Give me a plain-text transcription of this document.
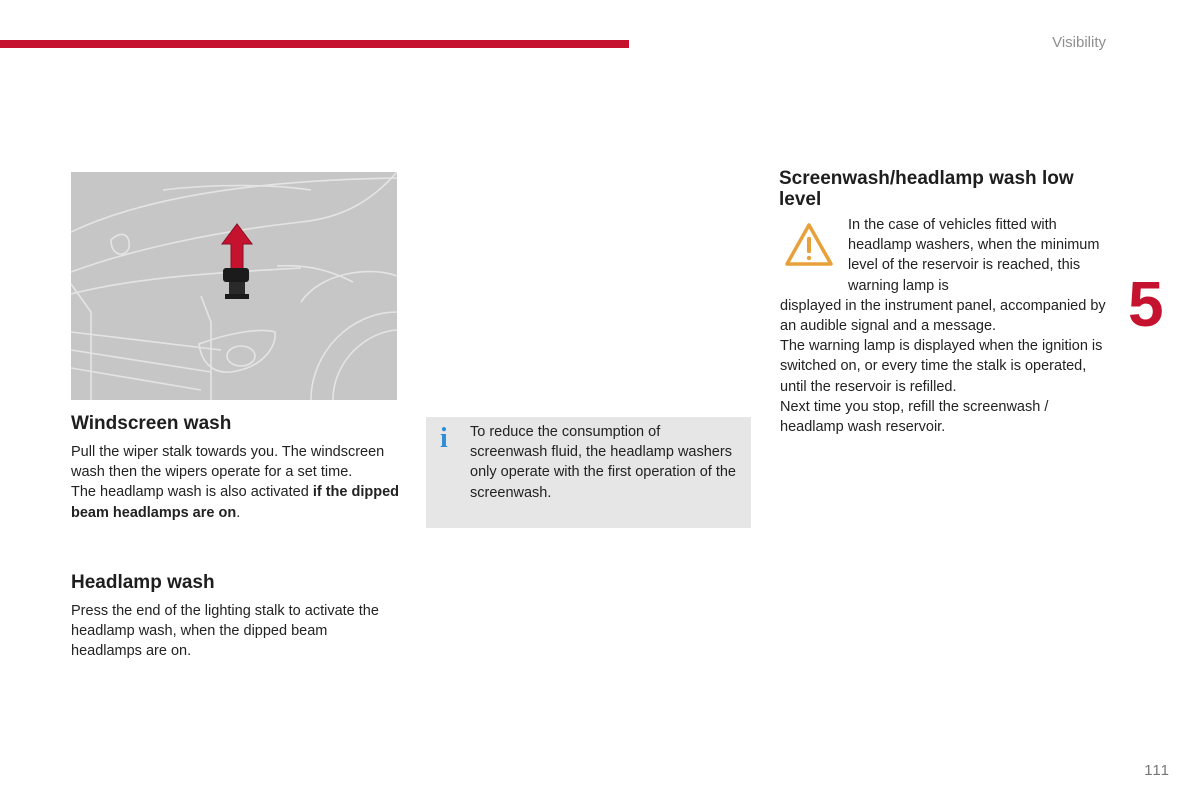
Visibility
5
111
Windscreen wash

Pull the wiper stalk towards you. The windscreen wash then the wipers operate for a set time.
The headlamp wash is also activated if the dipped beam headlamps are on.

Headlamp wash

Press the end of the lighting stalk to activate the headlamp wash, when the dipped beam headlamps are on.

i To reduce the consumption of screenwash fluid, the headlamp washers only operate with the first operation of the screenwash.

Screenwash/headlamp wash low level

In the case of vehicles fitted with headlamp washers, when the minimum level of the reservoir is reached, this warning lamp is
displayed in the instrument panel, accompanied by an audible signal and a message.
The warning lamp is displayed when the ignition is switched on, or every time the stalk is operated, until the reservoir is refilled.
Next time you stop, refill the screenwash / headlamp wash reservoir.
